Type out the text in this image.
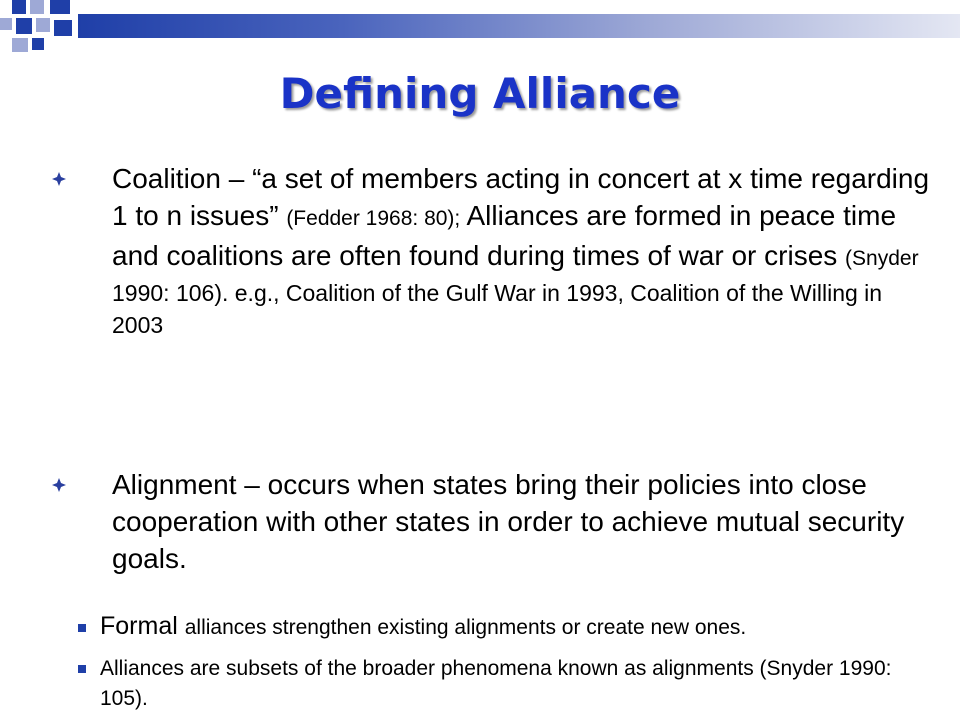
Defining Alliance
Coalition – “a set of members acting in concert at x time regarding 1 to n issues” (Fedder 1968: 80); Alliances are formed in peace time and coalitions are often found during times of war or crises (Snyder
1990: 106). e.g., Coalition of the Gulf War in 1993, Coalition of the Willing in 2003
Alignment – occurs when states bring their policies into close cooperation with other states in order to achieve mutual security goals.
Formal alliances strengthen existing alignments or create new ones.
Alliances are subsets of the broader phenomena known as alignments (Snyder 1990: 105).
